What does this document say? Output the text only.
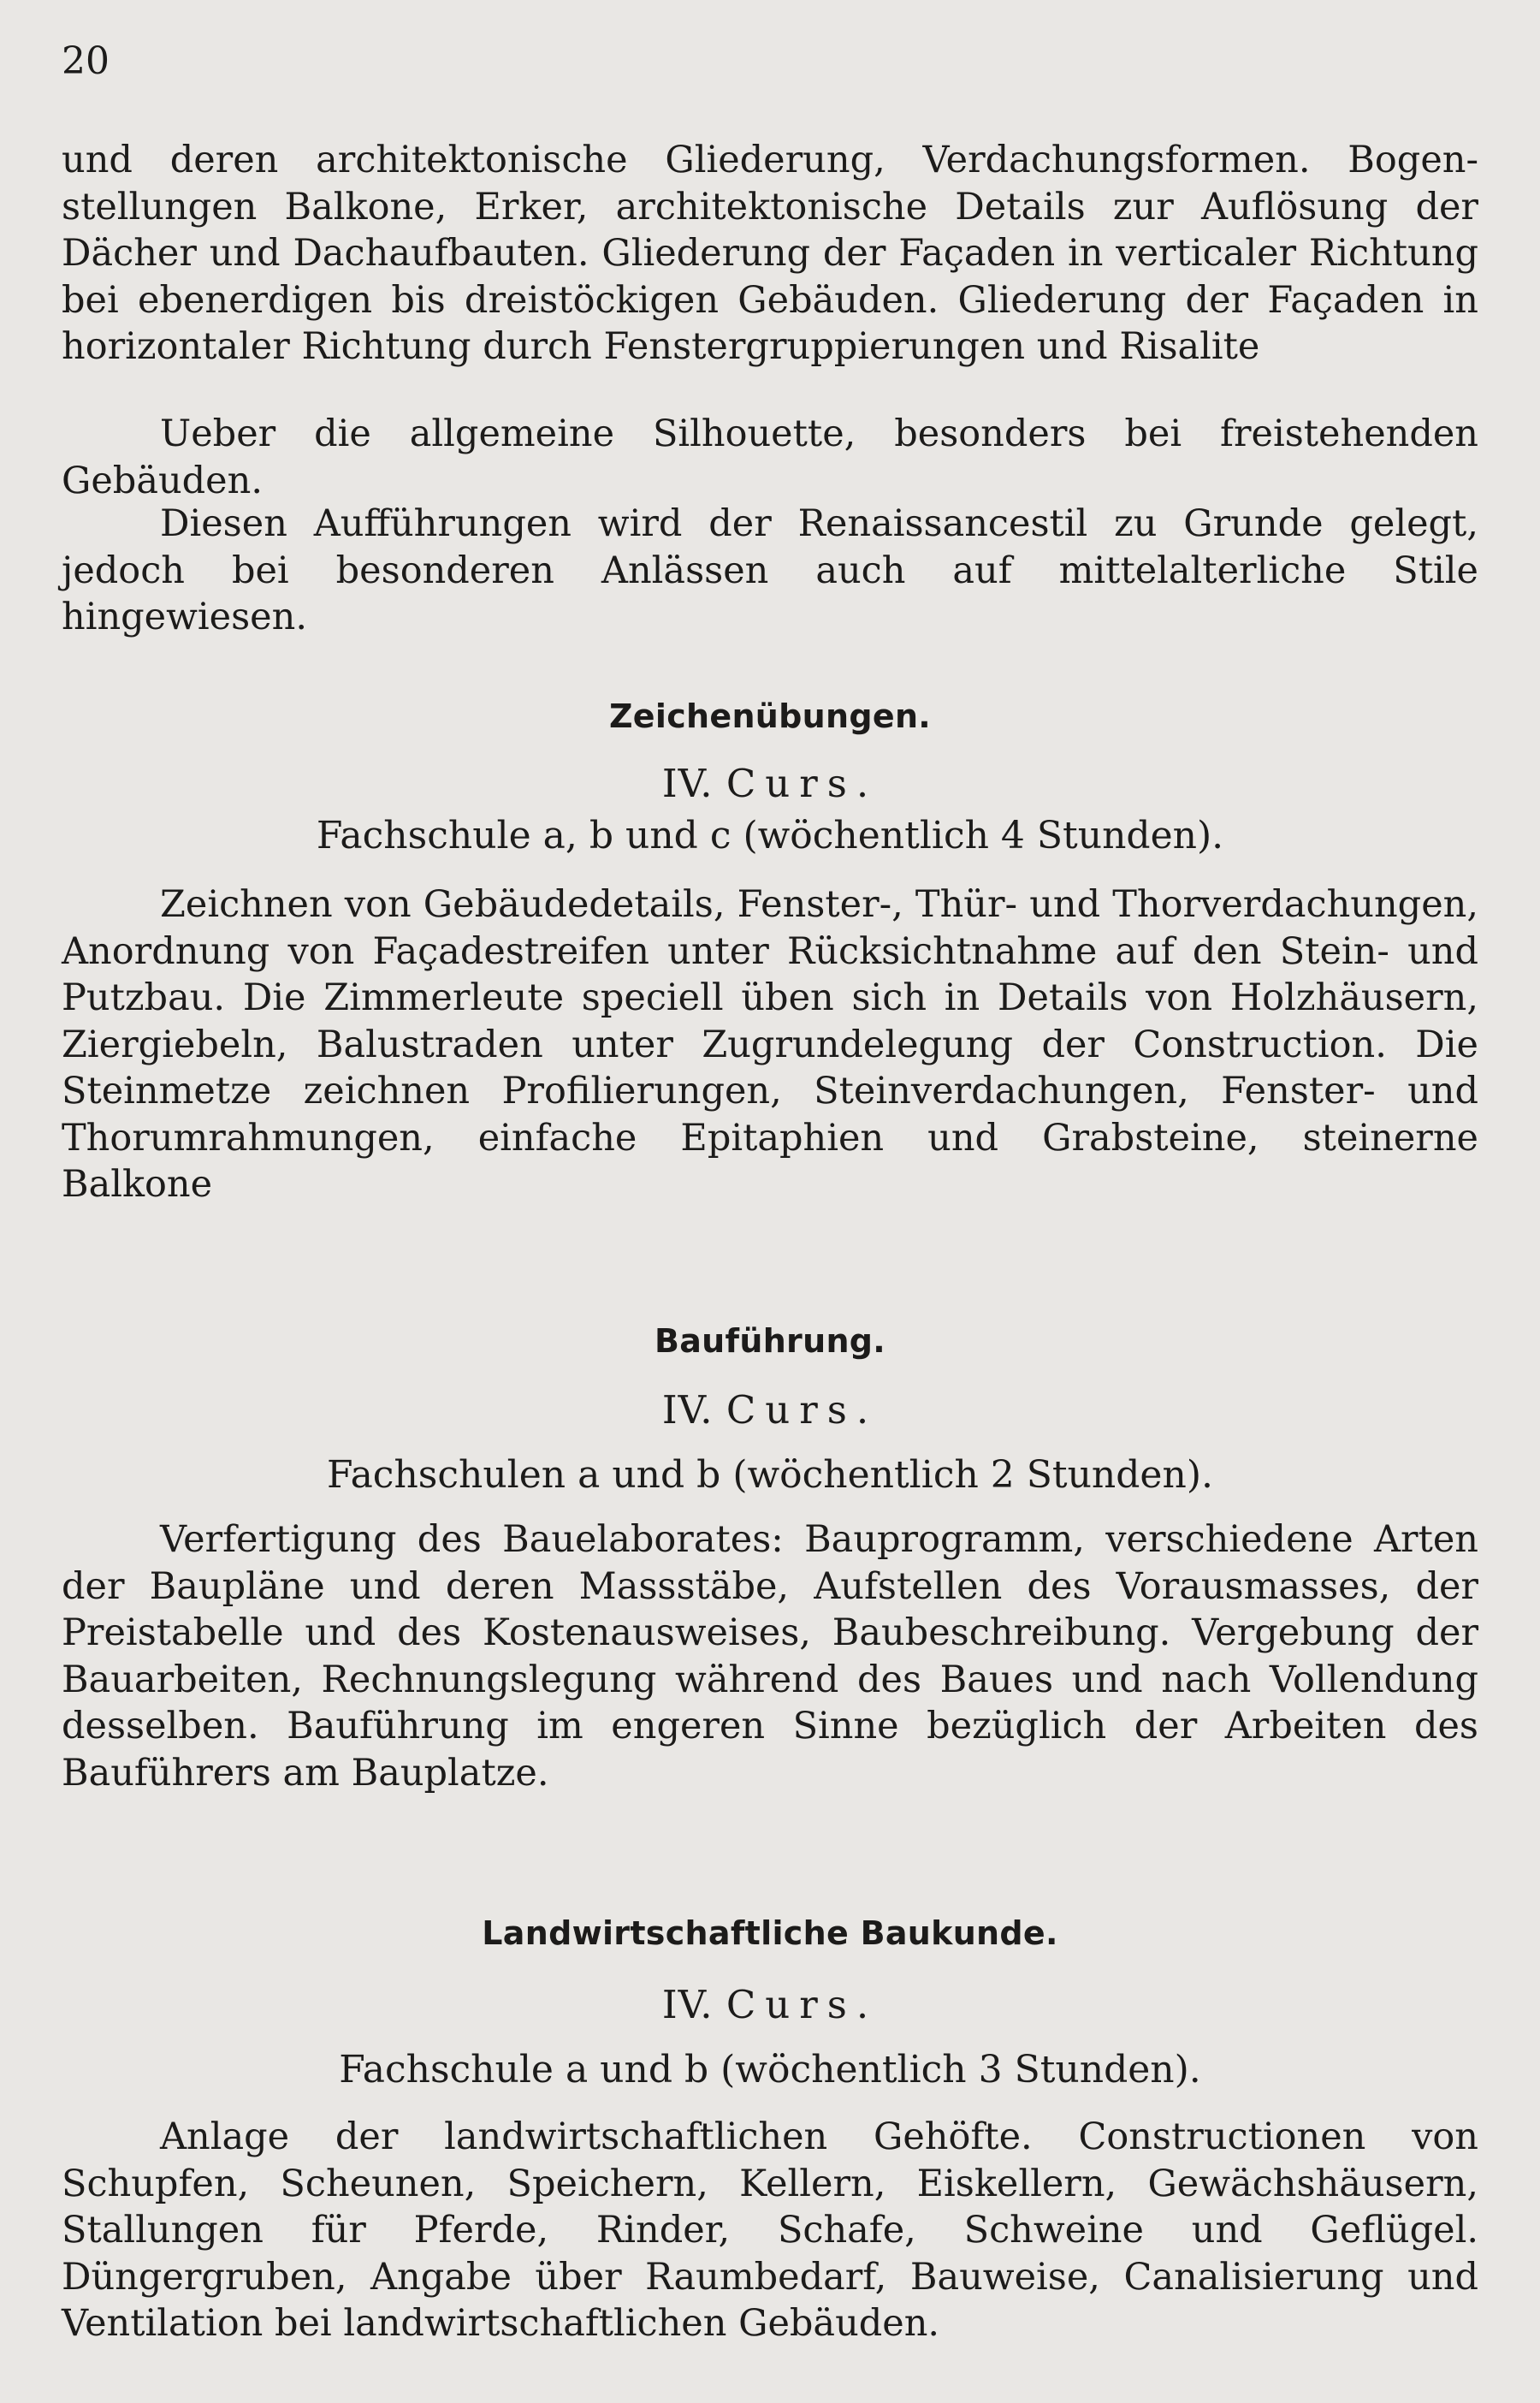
20

und deren architektonische Gliederung, Verdachungsformen. Bogenstellungen Balkone, Erker, architektonische Details zur Auflösung der Dächer und Dachaufbauten. Gliederung der Façaden in verticaler Richtung bei ebenerdigen bis dreistöckigen Gebäuden. Gliederung der Façaden in horizontaler Richtung durch Fenstergruppierungen und Risalite

Ueber die allgemeine Silhouette, besonders bei freistehenden Gebäuden.

Diesen Aufführungen wird der Renaissancestil zu Grunde gelegt, jedoch bei besonderen Anlässen auch auf mittelalterliche Stile hingewiesen.

Zeichenübungen.
IV. Curs.

Fachschule a, b und c (wöchentlich 4 Stunden).

Zeichnen von Gebäudedetails, Fenster-, Thür- und Thorverdachungen, Anordnung von Façadestreifen unter Rücksichtnahme auf den Stein- und Putzbau. Die Zimmerleute speciell üben sich in Details von Holzhäusern, Ziergiebeln, Balustraden unter Zugrundelegung der Construction. Die Steinmetze zeichnen Profilierungen, Steinverdachungen, Fenster- und Thorumrahmungen, einfache Epitaphien und Grabsteine, steinerne Balkone

Bauführung.
IV. Curs.

Fachschulen a und b (wöchentlich 2 Stunden).

Verfertigung des Bauelaborates: Bauprogramm, verschiedene Arten der Baupläne und deren Massstäbe, Aufstellen des Vorausmasses, der Preistabelle und des Kostenausweises, Baubeschreibung. Vergebung der Bauarbeiten, Rechnungslegung während des Baues und nach Vollendung desselben. Bauführung im engeren Sinne bezüglich der Arbeiten des Bauführers am Bauplatze.

Landwirtschaftliche Baukunde.
IV. Curs.

Fachschule a und b (wöchentlich 3 Stunden).

Anlage der landwirtschaftlichen Gehöfte. Constructionen von Schupfen, Scheunen, Speichern, Kellern, Eiskellern, Gewächshäusern, Stallungen für Pferde, Rinder, Schafe, Schweine und Geflügel. Düngergruben, Angabe über Raumbedarf, Bauweise, Canalisierung und Ventilation bei landwirtschaftlichen Gebäuden.
